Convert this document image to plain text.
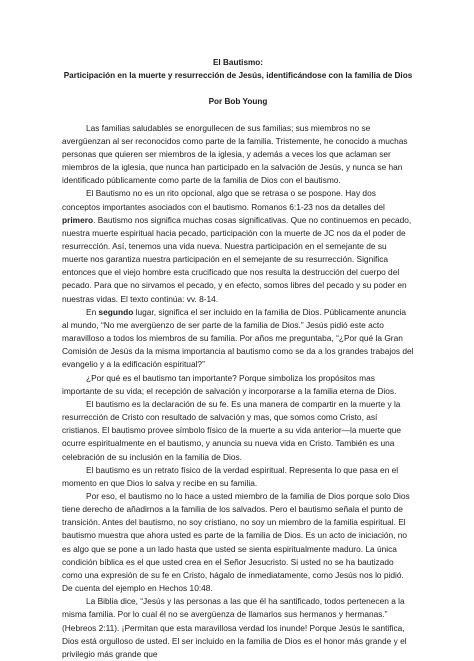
El Bautismo:
Participación en la muerte y resurrección de Jesús, identificándose con la familia de Dios
Por Bob Young

Las familias saludables se enorgullecen de sus familias; sus miembros no se avergüenzan al ser reconocidos como parte de la familia. Tristemente, he conocido a muchas personas que quieren ser miembros de la iglesia, y además a veces los que aclaman ser miembros de la iglesia, que nunca han participado en la salvación de Jesús, y nunca se han identificado públicamente como parte de la familia de Dios con el bautismo.

El Bautismo no es un rito opcional, algo que se retrasa o se pospone. Hay dos conceptos importantes asociados con el bautismo. Romanos 6:1-23 nos da detalles del primero. Bautismo nos significa muchas cosas significativas. Que no continuemos en pecado, nuestra muerte espiritual hacia pecado, participación con la muerte de JC nos da el poder de resurrección. Así, tenemos una vida nueva. Nuestra participación en el semejante de su muerte nos garantiza nuestra participación en el semejante de su resurrección. Significa entonces que el viejo hombre esta crucificado que nos resulta la destrucción del cuerpo del pecado. Para que no sirvamos el pecado, y en efecto, somos libres del pecado y su poder en nuestras vidas. El texto continúa: vv. 8-14.

En segundo lugar, significa el ser incluido en la familia de Dios. Públicamente anuncia al mundo, “No me avergüenzo de ser parte de la familia de Dios.” Jesús pidió este acto maravilloso a todos los miembros de su familia. Por años me preguntaba, “¿Por qué la Gran Comisión de Jesús da la misma importancia al bautismo como se da a los grandes trabajos del evangelio y a la edificación espiritual?”

¿Por qué es el bautismo tan importante? Porque simboliza los propósitos mas importante de su vida; el recepción de salvación y incorporarse a la familia eterna de Dios.

El bautismo es la declaración de su fe. Es una manera de compartir en la muerte y la resurrección de Cristo con resultado de salvación y mas, que somos como Cristo, así cristianos. El bautismo provee símbolo físico de la muerte a su vida anterior—la muerte que ocurre espiritualmente en el bautismo, y anuncia su nueva vida en Cristo. También es una celebración de su inclusión en la familia de Dios.

El bautismo es un retrato físico de la verdad espiritual. Representa lo que pasa en el momento en que Dios lo salva y recibe en su familia.

Por eso, el bautismo no lo hace a usted miembro de la familia de Dios porque solo Dios tiene derecho de añadirnos a la familia de los salvados. Pero el bautismo señala el punto de transición. Antes del bautismo, no soy cristiano, no soy un miembro de la familia espiritual. El bautismo muestra que ahora usted es parte de la familia de Dios. Es un acto de iniciación, no es algo que se pone a un lado hasta que usted se sienta espiritualmente maduro. La única condición bíblica es el que usted crea en el Señor Jesucristo. Si usted no se ha bautizado como una expresión de su fe en Cristo, hágalo de inmediatamente, como Jesús nos lo pidió. De cuenta del ejemplo en Hechos 10:48.

La Biblia dice, “Jesús y las personas a las que él ha santificado, todos pertenecen a la misma familia. Por lo cual él no se avergüenza de llamarlos sus hermanos y hermanas.” (Hebreos 2:11). ¡Permitan que esta maravillosa verdad los inunde! Porque Jesús le santifica, Dios está orgulloso de usted. El ser incluido en la familia de Dios es el honor más grande y el privilegio más grande que
